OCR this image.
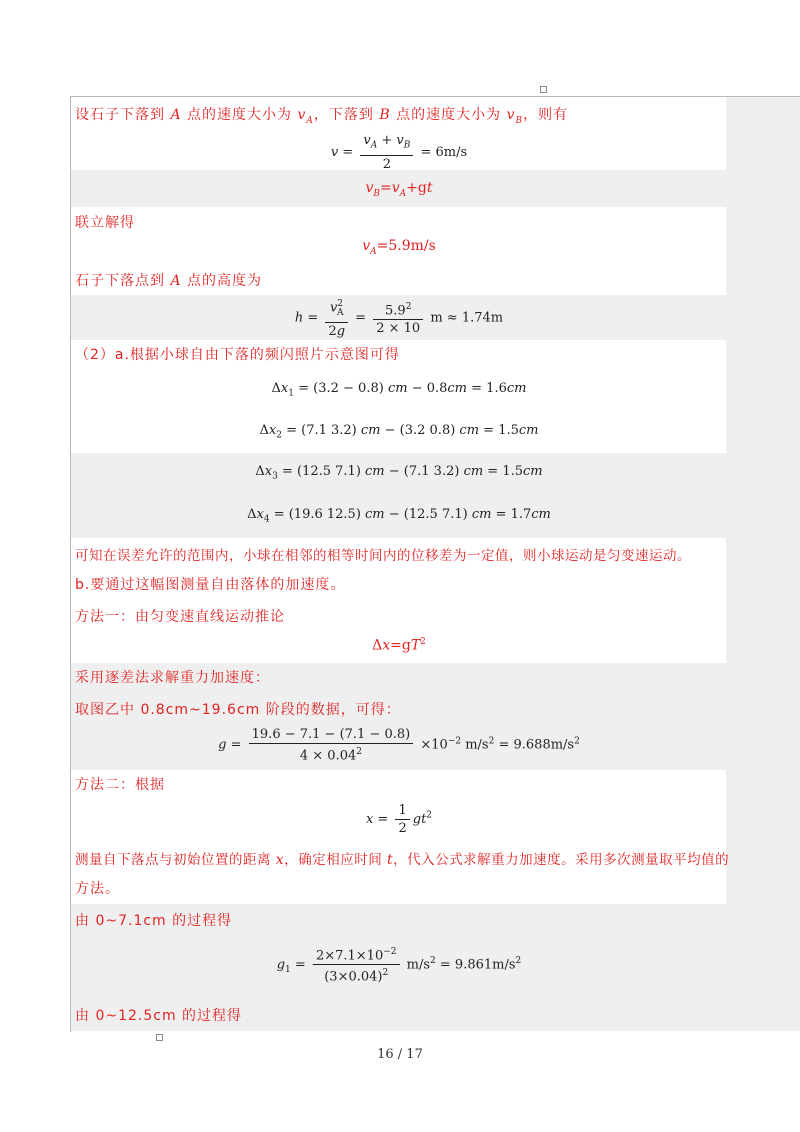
设石子下落到 A 点的速度大小为 $v_A$，下落到 B 点的速度大小为 $v_B$，则有
$v = \frac{v_A + v_B}{2} = 6m/s$
$v_B=v_A+gt$
联立解得
$v_A=5.9m/s$
石子下落点到 A 点的高度为
$h = \frac{v^2_A}{2g} = \frac{5.9^2}{2 \times 10}$ m ≈ 1.74m
（2）a.根据小球自由下落的频闪照片示意图可得
$\Delta x_1 = (3.2 - 0.8)$ cm − 0.8cm = 1.6cm
$\Delta x_2 = (7.1$ 3.2) cm − (3.2 0.8) cm = 1.5cm
$\Delta x_3 = (12.5$ 7.1) cm − (7.1 3.2) cm = 1.5cm
$\Delta x_4 = (19.6$ 12.5) cm − (12.5 7.1) cm = 1.7cm
可知在误差允许的范围内，小球在相邻的相等时间内的位移差为一定值，则小球运动是匀变速运动。
b.要通过这幅图测量自由落体的加速度。
方法一：由匀变速直线运动推论
$\Delta x=gT^2$
采用逐差法求解重力加速度：
取图乙中 0.8cm~19.6cm 阶段的数据，可得：
$g = \frac{19.6 - 7.1 - (7.1 - 0.8)}{4 \times 0.04^2} \times 10^{-2}$ $m/s^2 = 9.688m/s^2$
方法二：根据
$x = \frac{1}{2} gt^2$
测量自下落点与初始位置的距离 x，确定相应时间 t，代入公式求解重力加速度。采用多次测量取平均值的
方法。
由 0~7.1cm 的过程得
$g_1 = \frac{2\times 7.1\times 10^{-2}}{(3\times 0.04)^2} m/s^2 = 9.861m/s^2$
由 0~12.5cm 的过程得
16 / 17
